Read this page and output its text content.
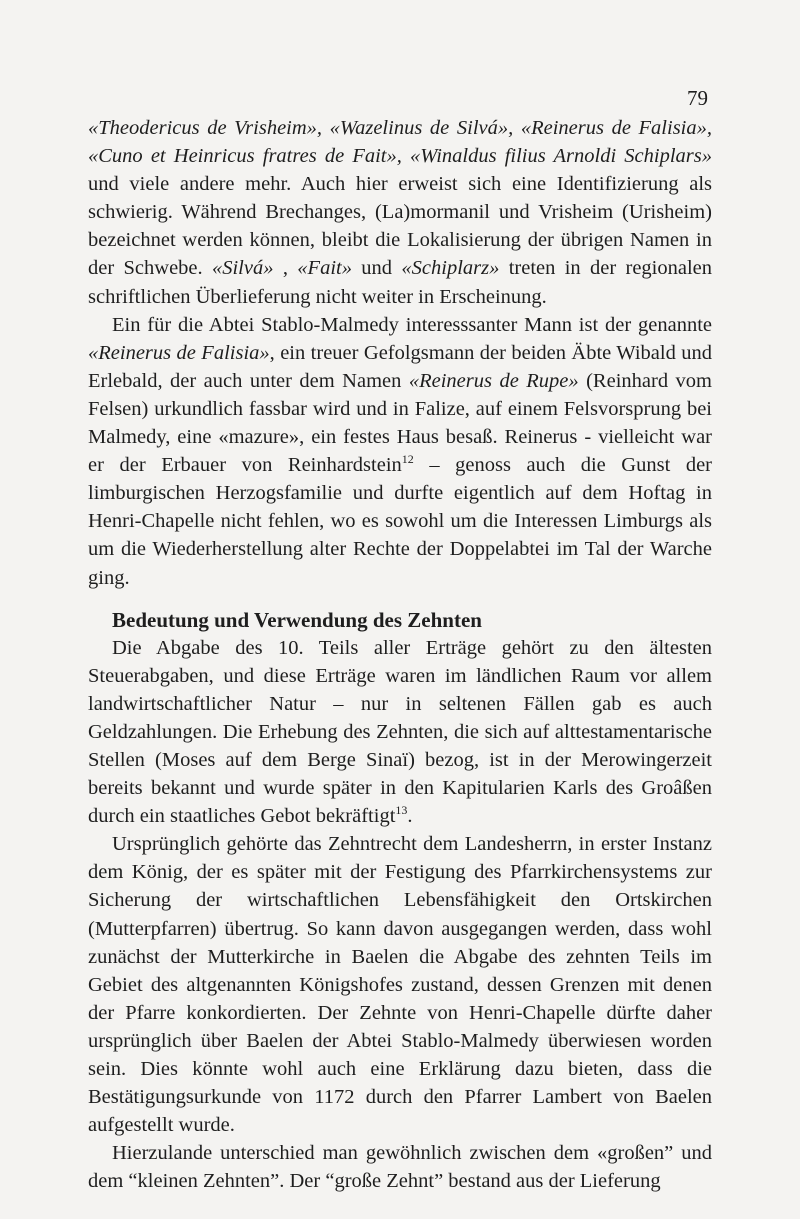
79

«Theodericus de Vrisheim», «Wazelinus de Silvá», «Reinerus de Falisia», «Cuno et Heinricus fratres de Fait», «Winaldus filius Arnoldi Schiplars» und viele andere mehr. Auch hier erweist sich eine Identifizierung als schwierig. Während Brechanges, (La)mormanil und Vrisheim (Urisheim) bezeichnet werden können, bleibt die Lokalisierung der übrigen Namen in der Schwebe. «Silvá» , «Fait» und «Schiplarz» treten in der regionalen schriftlichen Überlieferung nicht weiter in Erscheinung.

Ein für die Abtei Stablo-Malmedy interesssanter Mann ist der genannte «Reinerus de Falisia», ein treuer Gefolgsmann der beiden Äbte Wibald und Erlebald, der auch unter dem Namen «Reinerus de Rupe» (Reinhard vom Felsen) urkundlich fassbar wird und in Falize, auf einem Felsvorsprung bei Malmedy, eine «mazure», ein festes Haus besaß. Reinerus - vielleicht war er der Erbauer von Reinhardstein$^{12}$ – genoss auch die Gunst der limburgischen Herzogsfamilie und durfte eigentlich auf dem Hoftag in Henri-Chapelle nicht fehlen, wo es sowohl um die Interessen Limburgs als um die Wiederherstellung alter Rechte der Doppelabtei im Tal der Warche ging.

Bedeutung und Verwendung des Zehnten

Die Abgabe des 10. Teils aller Erträge gehört zu den ältesten Steuerabgaben, und diese Erträge waren im ländlichen Raum vor allem landwirtschaftlicher Natur – nur in seltenen Fällen gab es auch Geldzahlungen. Die Erhebung des Zehnten, die sich auf alttestamentarische Stellen (Moses auf dem Berge Sinaï) bezog, ist in der Merowingerzeit bereits bekannt und wurde später in den Kapitularien Karls des Groâßen durch ein staatliches Gebot bekräftigt$^{13}$.

Ursprünglich gehörte das Zehntrecht dem Landesherrn, in erster Instanz dem König, der es später mit der Festigung des Pfarrkirchensystems zur Sicherung der wirtschaftlichen Lebensfähigkeit den Ortskirchen (Mutterpfarren) übertrug. So kann davon ausgegangen werden, dass wohl zunächst der Mutterkirche in Baelen die Abgabe des zehnten Teils im Gebiet des altgenannten Königshofes zustand, dessen Grenzen mit denen der Pfarre konkordierten. Der Zehnte von Henri-Chapelle dürfte daher ursprünglich über Baelen der Abtei Stablo-Malmedy überwiesen worden sein. Dies könnte wohl auch eine Erklärung dazu bieten, dass die Bestätigungsurkunde von 1172 durch den Pfarrer Lambert von Baelen aufgestellt wurde.

Hierzulande unterschied man gewöhnlich zwischen dem «großen” und dem “kleinen Zehnten”. Der “große Zehnt” bestand aus der Lieferung
